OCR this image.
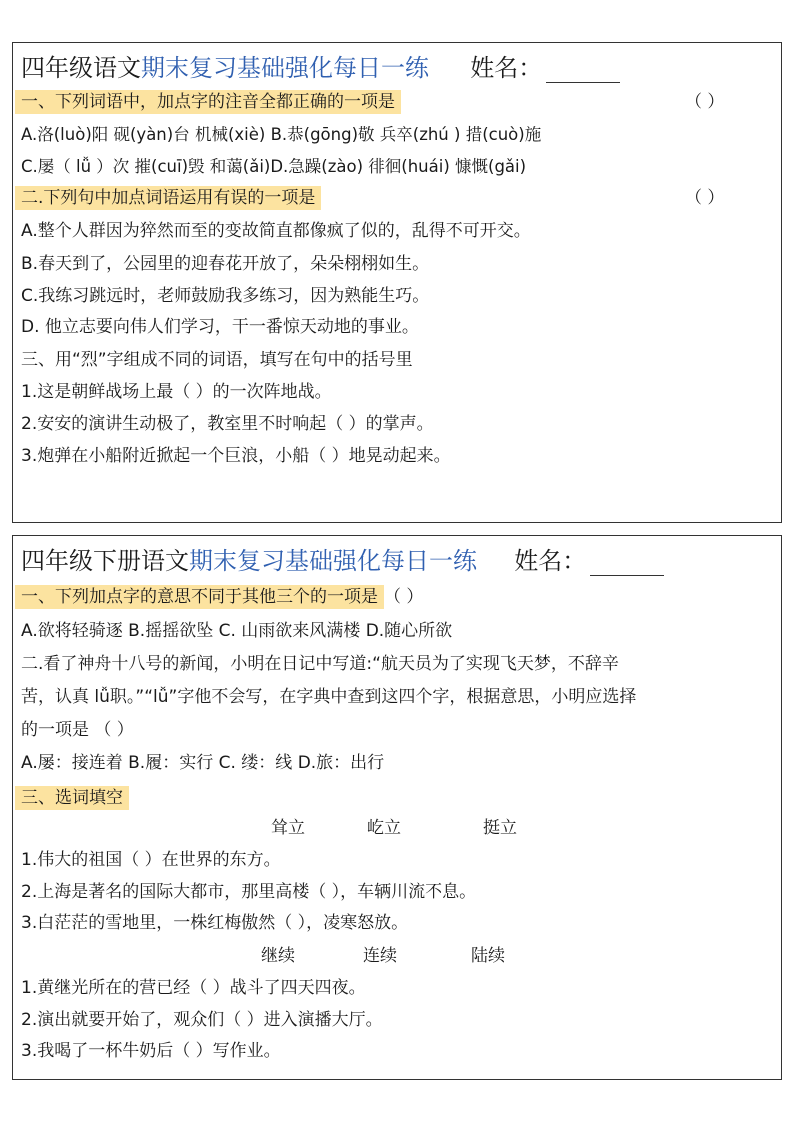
四年级语文期末复习基础强化每日一练 姓名：
一、下列词语中，加点字的注音全都正确的一项是	（ ）
A.洛(luò)阳 砚(yàn)台 机械(xiè) B.恭(gōng)敬 兵卒(zhú ) 措(cuò)施
C.屡（ lǚ ）次 摧(cuī)毁 和蔼(ǎi)D.急躁(zào) 徘徊(huái) 慷慨(gǎi)
二.下列句中加点词语运用有误的一项是	（ ）
A.整个人群因为猝然而至的变故简直都像疯了似的，乱得不可开交。
B.春天到了，公园里的迎春花开放了，朵朵栩栩如生。
C.我练习跳远时，老师鼓励我多练习，因为熟能生巧。
D. 他立志要向伟人们学习，干一番惊天动地的事业。
三、用“烈”字组成不同的词语，填写在句中的括号里
1.这是朝鲜战场上最（ ）的一次阵地战。
2.安安的演讲生动极了，教室里不时响起（ ）的掌声。
3.炮弹在小船附近掀起一个巨浪，小船（ ）地晃动起来。
四年级下册语文期末复习基础强化每日一练 姓名：
一、下列加点字的意思不同于其他三个的一项是 （ ）
A.欲将轻骑逐 B.摇摇欲坠 C. 山雨欲来风满楼 D.随心所欲
二.看了神舟十八号的新闻，小明在日记中写道:“航天员为了实现飞天梦，不辞辛
苦，认真 lǚ职。”“lǚ”字他不会写，在字典中查到这四个字，根据意思，小明应选择
的一项是 （ ）
A.屡：接连着 B.履：实行 C. 缕：线 D.旅：出行
三、选词填空
耸立	屹立	挺立
1.伟大的祖国（ ）在世界的东方。
2.上海是著名的国际大都市，那里高楼（ ），车辆川流不息。
3.白茫茫的雪地里，一株红梅傲然（ ），凌寒怒放。
继续	连续	陆续
1.黄继光所在的营已经（ ）战斗了四天四夜。
2.演出就要开始了，观众们（ ）进入演播大厅。
3.我喝了一杯牛奶后（ ）写作业。
